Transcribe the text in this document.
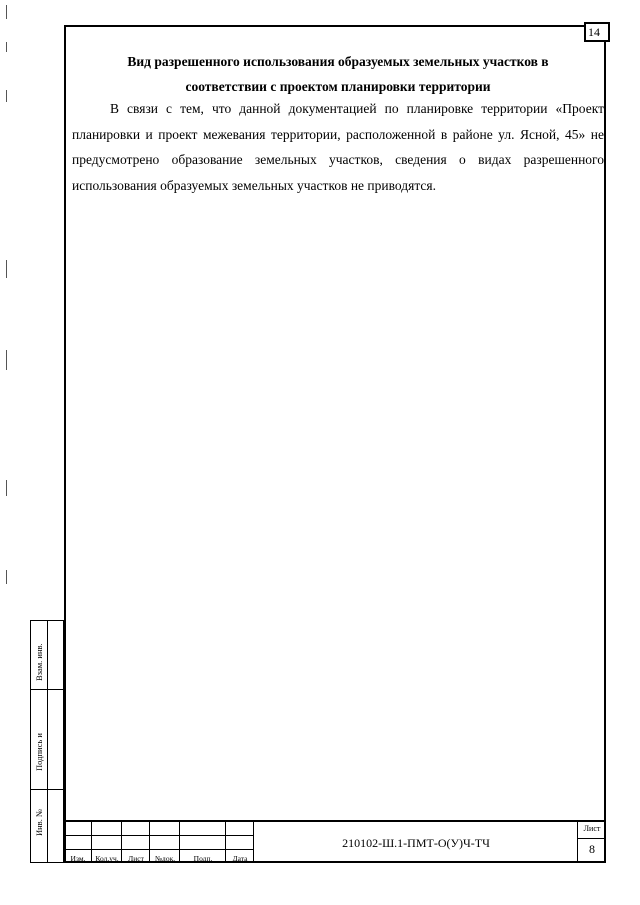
14
Вид разрешенного использования образуемых земельных участков в
соответствии с проектом планировки территории

В связи с тем, что данной документацией по планировке территории «Проект планировки и проект межевания территории, расположенной в районе ул. Ясной, 45» не предусмотрено образование земельных участков, сведения о видах разрешенного использования образуемых земельных участков не приводятся.

Взам. инв.
Подпись и
Инв. №
Изм.	Кол.уч.	Лист	№док.	Подп.	Дата
210102-Ш.1-ПМТ-О(У)Ч-ТЧ
Лист
8
